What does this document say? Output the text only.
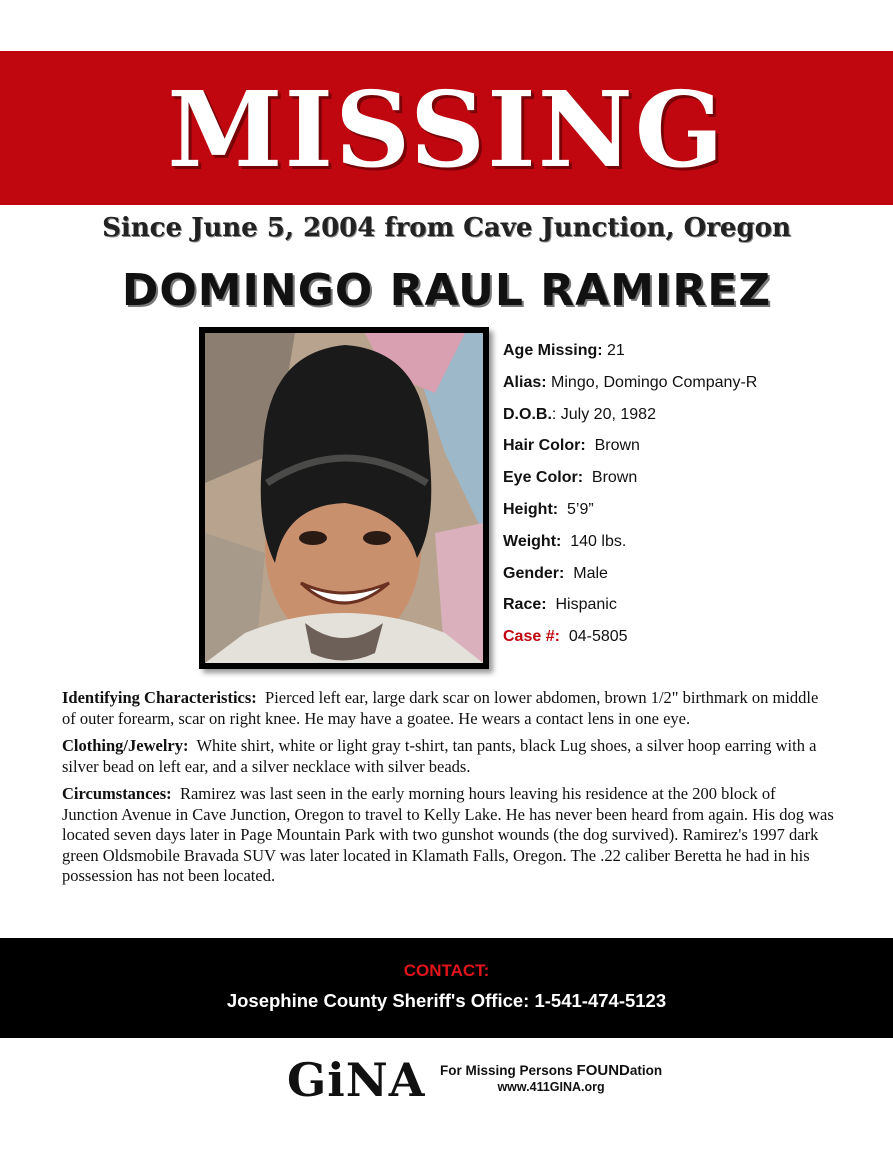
MISSING
Since June 5, 2004 from Cave Junction, Oregon
DOMINGO RAUL RAMIREZ
Age Missing: 21
Alias: Mingo, Domingo Company-R
D.O.B.: July 20, 1982
Hair Color: Brown
Eye Color: Brown
Height: 5’9”
Weight: 140 lbs.
Gender: Male
Race: Hispanic
Case #: 04-5805

Identifying Characteristics: Pierced left ear, large dark scar on lower abdomen, brown 1/2" birthmark on middle of outer forearm, scar on right knee. He may have a goatee. He wears a contact lens in one eye.

Clothing/Jewelry: White shirt, white or light gray t-shirt, tan pants, black Lug shoes, a silver hoop earring with a silver bead on left ear, and a silver necklace with silver beads.

Circumstances: Ramirez was last seen in the early morning hours leaving his residence at the 200 block of Junction Avenue in Cave Junction, Oregon to travel to Kelly Lake. He has never been heard from again. His dog was located seven days later in Page Mountain Park with two gunshot wounds (the dog survived). Ramirez's 1997 dark green Oldsmobile Bravada SUV was later located in Klamath Falls, Oregon. The .22 caliber Beretta he had in his possession has not been located.

CONTACT:
Josephine County Sheriff's Office: 1-541-474-5123
GiNA For Missing Persons FOUNDation
www.411GINA.org
